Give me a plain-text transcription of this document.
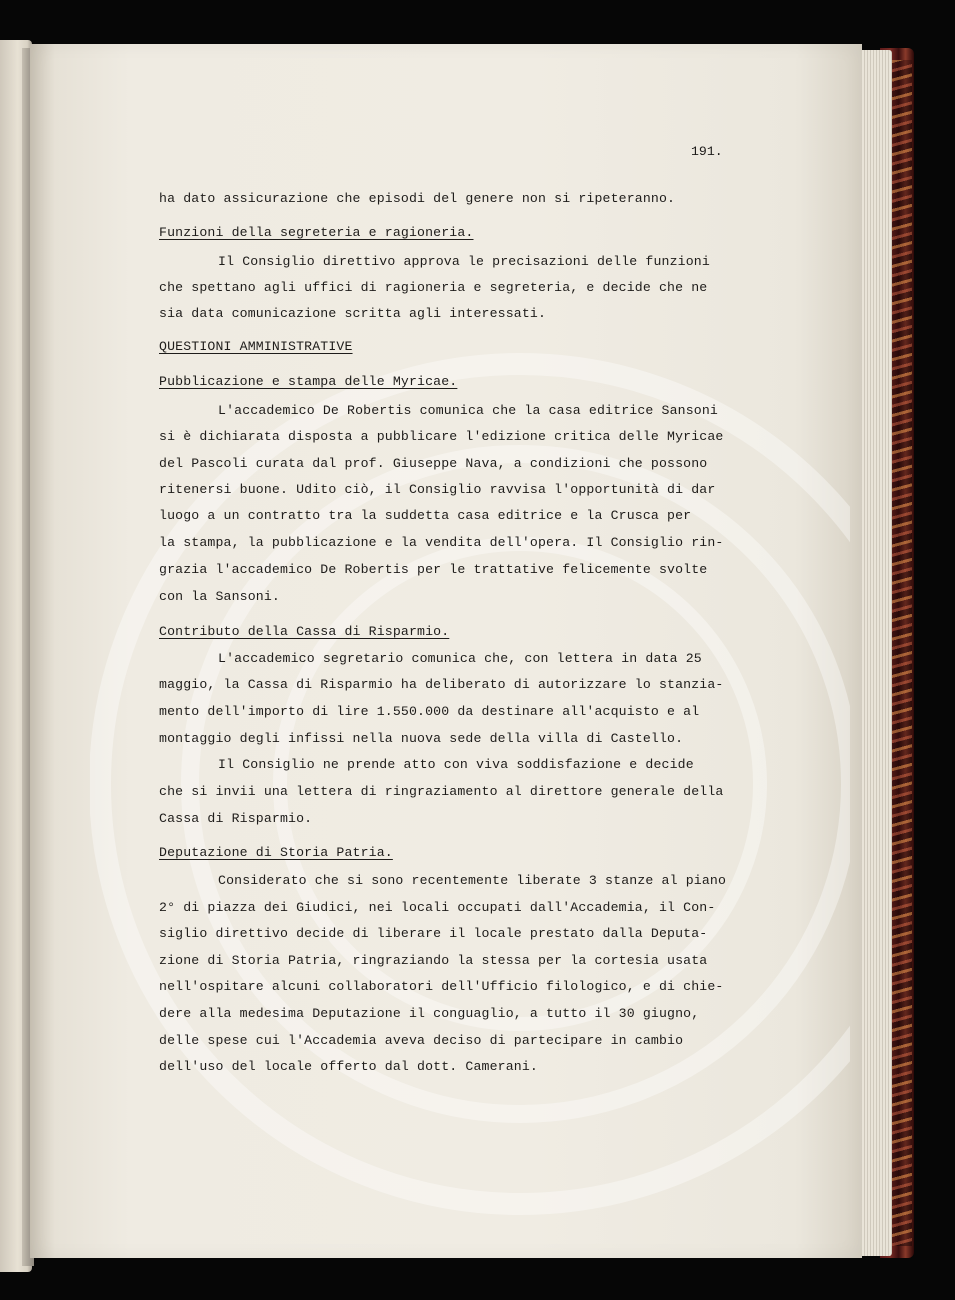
191.
ha dato assicurazione che episodi del genere non si ripeteranno.
Funzioni della segreteria e ragioneria.
Il Consiglio direttivo approva le precisazioni delle funzioni
che spettano agli uffici di ragioneria e segreteria, e decide che ne
sia data comunicazione scritta agli interessati.
QUESTIONI AMMINISTRATIVE
Pubblicazione e stampa delle Myricae.
L'accademico De Robertis comunica che la casa editrice Sansoni
si è dichiarata disposta a pubblicare l'edizione critica delle Myricae
del Pascoli curata dal prof. Giuseppe Nava, a condizioni che possono
ritenersi buone. Udito ciò, il Consiglio ravvisa l'opportunità di dar
luogo a un contratto tra la suddetta casa editrice e la Crusca per
la stampa, la pubblicazione e la vendita dell'opera. Il Consiglio rin-
grazia l'accademico De Robertis per le trattative felicemente svolte
con la Sansoni.
Contributo della Cassa di Risparmio.
L'accademico segretario comunica che, con lettera in data 25
maggio, la Cassa di Risparmio ha deliberato di autorizzare lo stanzia-
mento dell'importo di lire 1.550.000 da destinare all'acquisto e al
montaggio degli infissi nella nuova sede della villa di Castello.
Il Consiglio ne prende atto con viva soddisfazione e decide
che si invii una lettera di ringraziamento al direttore generale della
Cassa di Risparmio.
Deputazione di Storia Patria.
Considerato che si sono recentemente liberate 3 stanze al piano
2° di piazza dei Giudici, nei locali occupati dall'Accademia, il Con-
siglio direttivo decide di liberare il locale prestato dalla Deputa-
zione di Storia Patria, ringraziando la stessa per la cortesia usata
nell'ospitare alcuni collaboratori dell'Ufficio filologico, e di chie-
dere alla medesima Deputazione il conguaglio, a tutto il 30 giugno,
delle spese cui l'Accademia aveva deciso di partecipare in cambio
dell'uso del locale offerto dal dott. Camerani.
